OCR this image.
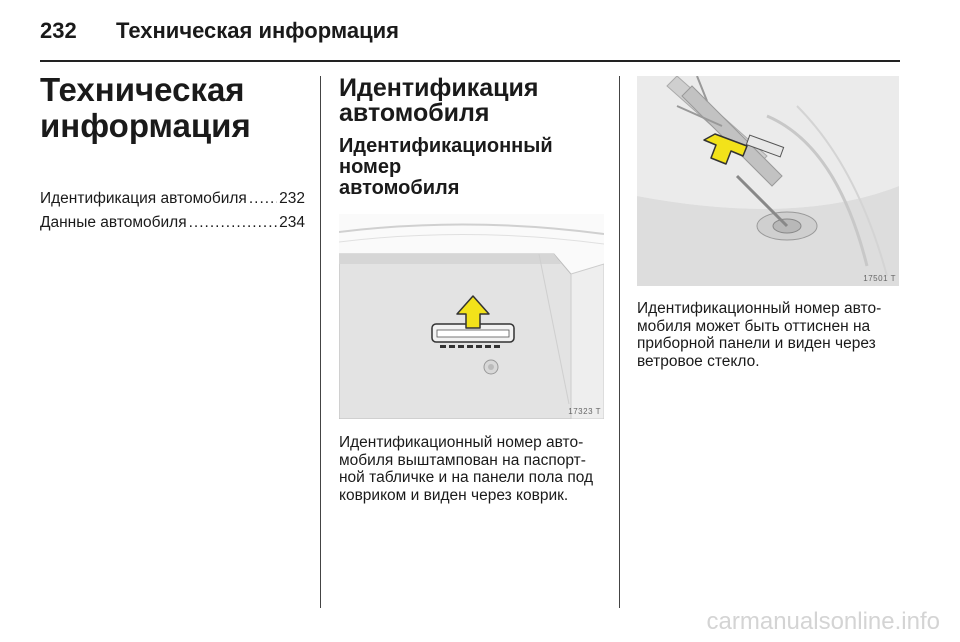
232 Техническая информация
Техническая
информация
Идентификация автомобиля ..... 232
Данные автомобиля .....	234
Идентификация
автомобиля
Идентификационный номер
автомобиля
17323 T
Идентификационный номер авто-
мобиля выштампован на паспорт-
ной табличке и на панели пола под
ковриком и виден через коврик.
17501 T
Идентификационный номер авто-
мобиля может быть оттиснен на
приборной панели и виден через
ветровое стекло.
carmanualsonline.info
